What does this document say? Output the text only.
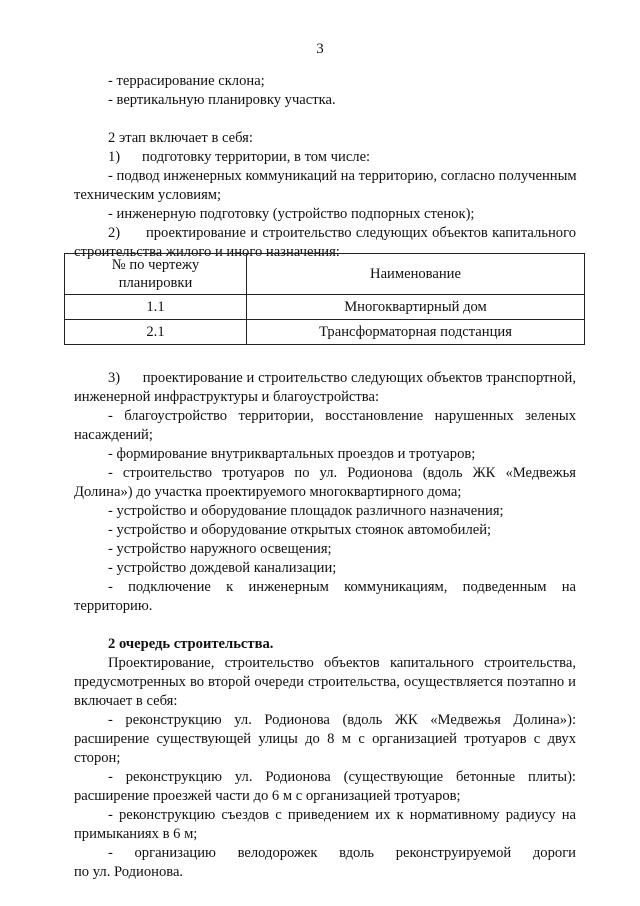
3
- террасирование склона;
- вертикальную планировку участка.
2 этап включает в себя:
1)      подготовку территории, в том числе:
- подвод инженерных коммуникаций на территорию, согласно полученным
техническим условиям;
- инженерную подготовку (устройство подпорных стенок);
2)      проектирование и строительство следующих объектов капитального
строительства жилого и иного назначения:
№ по чертежу
планировки	Наименование
1.1	Многоквартирный дом
2.1	Трансформаторная подстанция
3)      проектирование и строительство следующих объектов транспортной,
инженерной инфраструктуры и благоустройства:
- благоустройство территории, восстановление нарушенных зеленых
насаждений;
- формирование внутриквартальных проездов и тротуаров;
- строительство тротуаров по ул. Родионова (вдоль ЖК «Медвежья
Долина») до участка проектируемого многоквартирного дома;
- устройство и оборудование площадок различного назначения;
- устройство и оборудование открытых стоянок автомобилей;
- устройство наружного освещения;
- устройство дождевой канализации;
- подключение к инженерным коммуникациям, подведенным на
территорию.
2 очередь строительства.
Проектирование, строительство объектов капитального строительства,
предусмотренных во второй очереди строительства, осуществляется поэтапно и
включает в себя:
- реконструкцию ул. Родионова (вдоль ЖК «Медвежья Долина»):
расширение существующей улицы до 8 м с организацией тротуаров с двух
сторон;
- реконструкцию ул. Родионова (существующие бетонные плиты):
расширение проезжей части до 6 м с организацией тротуаров;
- реконструкцию съездов с приведением их к нормативному радиусу на
примыканиях в 6 м;
- организацию велодорожек вдоль реконструируемой дороги
по ул. Родионова.
